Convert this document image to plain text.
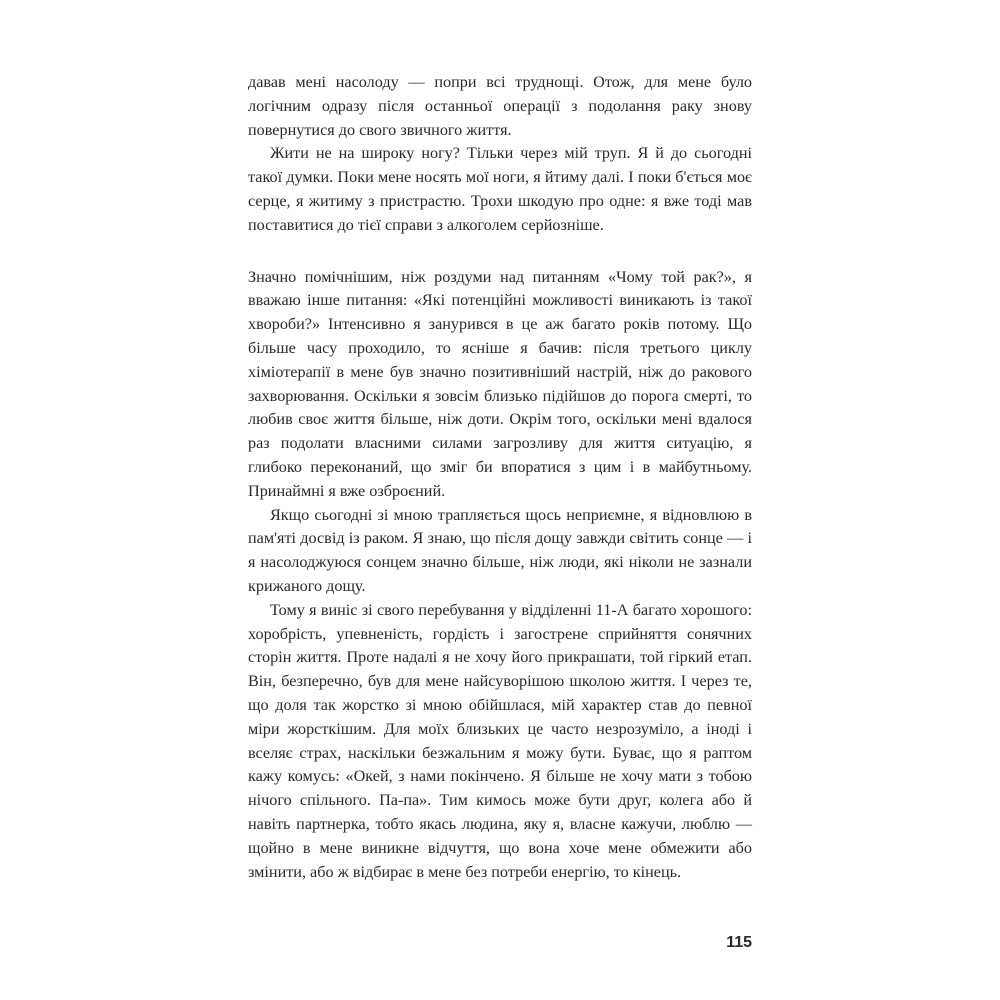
давав мені насолоду — попри всі труднощі. Отож, для мене було логічним одразу після останньої операції з подолання раку знову повернутися до свого звичного життя.

Жити не на широку ногу? Тільки через мій труп. Я й до сьогодні такої думки. Поки мене носять мої ноги, я йтиму далі. І поки б'ється моє серце, я житиму з пристрастю. Трохи шкодую про одне: я вже тоді мав поставитися до тієї справи з алкоголем серйозніше.

Значно помічнішим, ніж роздуми над питанням «Чому той рак?», я вважаю інше питання: «Які потенційні можливості виникають із такої хвороби?» Інтенсивно я занурився в це аж багато років потому. Що більше часу проходило, то ясніше я бачив: після третього циклу хіміотерапії в мене був значно позитивніший настрій, ніж до ракового захворювання. Оскільки я зовсім близько підійшов до порога смерті, то любив своє життя більше, ніж доти. Окрім того, оскільки мені вдалося раз подолати власними силами загрозливу для життя ситуацію, я глибоко переконаний, що зміг би впоратися з цим і в майбутньому. Принаймні я вже озброєний.

Якщо сьогодні зі мною трапляється щось неприємне, я відновлюю в пам'яті досвід із раком. Я знаю, що після дощу завжди світить сонце — і я насолоджуюся сонцем значно більше, ніж люди, які ніколи не зазнали крижаного дощу.

Тому я виніс зі свого перебування у відділенні 11-А багато хорошого: хоробрість, упевненість, гордість і загострене сприйняття сонячних сторін життя. Проте надалі я не хочу його прикрашати, той гіркий етап. Він, безперечно, був для мене найсуворішою школою життя. І через те, що доля так жорстко зі мною обійшлася, мій характер став до певної міри жорсткішим. Для моїх близьких це часто незрозуміло, а іноді і вселяє страх, наскільки безжальним я можу бути. Буває, що я раптом кажу комусь: «Окей, з нами покінчено. Я більше не хочу мати з тобою нічого спільного. Па-па». Тим кимось може бути друг, колега або й навіть партнерка, тобто якась людина, яку я, власне кажучи, люблю — щойно в мене виникне відчуття, що вона хоче мене обмежити або змінити, або ж відбирає в мене без потреби енергію, то кінець.

115
